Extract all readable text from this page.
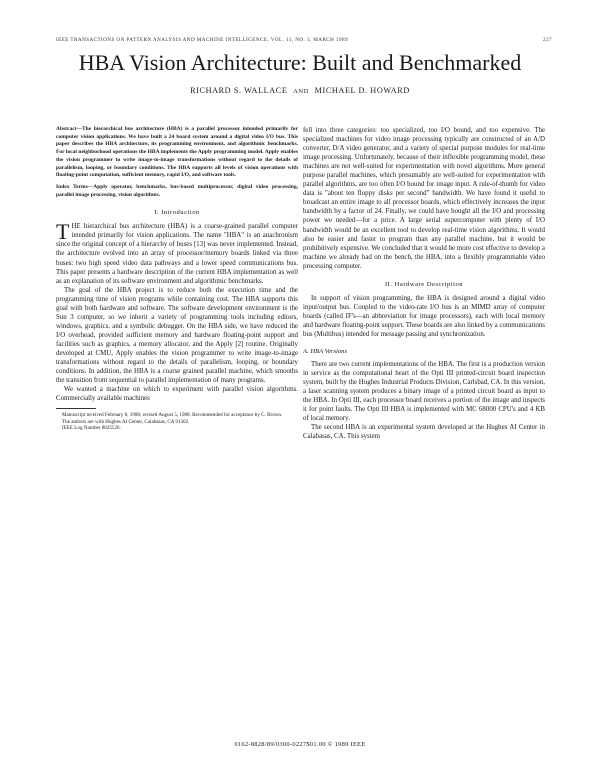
IEEE TRANSACTIONS ON PATTERN ANALYSIS AND MACHINE INTELLIGENCE, VOL. 11, NO. 3, MARCH 1989	227
HBA Vision Architecture: Built and Benchmarked
RICHARD S. WALLACE AND MICHAEL D. HOWARD

Abstract—The hierarchical bus architecture (HBA) is a parallel processor intended primarily for computer vision applications. We have built a 24 board system around a digital video I/O bus. This paper describes the HBA architecture, its programming environment, and algorithmic benchmarks. For local neighborhood operations the HBA implements the Apply programming model. Apply enables the vision programmer to write image-to-image transformations without regard to the details of parallelism, looping, or boundary conditions. The HBA supports all levels of vision operations with floating-point computation, sufficient memory, rapid I/O, and software tools.

Index Terms—Apply operator, benchmarks, bus-based multiprocessor, digital video processing, parallel image processing, vision algorithms.

I. Introduction

THE hierarchical bus architecture (HBA) is a coarse-grained parallel computer intended primarily for vision applications. The name "HBA" is an anachronism since the original concept of a hierarchy of buses [13] was never implemented. Instead, the architecture evolved into an array of processor/memory boards linked via three buses: two high speed video data pathways and a lower speed communications bus. This paper presents a hardware description of the current HBA implementation as well as an explanation of its software environment and algorithmic benchmarks.

The goal of the HBA project is to reduce both the execution time and the programming time of vision programs while containing cost. The HBA supports this goal with both hardware and software. The software development environment is the Sun 3 computer, so we inherit a variety of programming tools including editors, windows, graphics, and a symbolic debugger. On the HBA side, we have reduced the I/O overhead, provided sufficient memory and hardware floating-point support and facilities such as graphics, a memory allocator, and the Apply [2] routine. Originally developed at CMU, Apply enables the vision programmer to write image-to-image transformations without regard to the details of parallelism, looping, or boundary conditions. In addition, the HBA is a coarse grained parallel machine, which smooths the transition from sequential to parallel implementation of many programs.

We wanted a machine on which to experiment with parallel vision algorithms. Commercially available machines

Manuscript received February 8, 1988; revised August 5, 1988. Recommended for acceptance by C. Brown.

The authors are with Hughes AI Center, Calabasas, CA 91302.

IEEE Log Number 8825526.

fell into three categories: too specialized, too I/O bound, and too expensive. The specialized machines for video image processing typically are constructed of an A/D converter, D/A video generator, and a variety of special purpose modules for real-time image processing. Unfortunately, because of their inflexible programming model, these machines are not well-suited for experimentation with novel algorithms. More general purpose parallel machines, which presumably are well-suited for experimentation with parallel algorithms, are too often I/O bound for image input. A rule-of-thumb for video data is "about ten floppy disks per second" bandwidth. We have found it useful to broadcast an entire image to all processor boards, which effectively increases the input bandwidth by a factor of 24. Finally, we could have bought all the I/O and processing power we needed—for a price. A large serial supercomputer with plenty of I/O bandwidth would be an excellent tool to develop real-time vision algorithms. It would also be easier and faster to program than any parallel machine, but it would be prohibitively expensive. We concluded that it would be more cost effective to develop a machine we already had on the bench, the HBA, into a flexibly programmable video processing computer.

II. Hardware Description

In support of vision programming, the HBA is designed around a digital video input/output bus. Coupled to the video-rate I/O bus is an MIMD array of computer boards (called IF's—an abbreviation for image processors), each with local memory and hardware floating-point support. These boards are also linked by a communications bus (Multibus) intended for message passing and synchronization.

A. HBA Versions

There are two current implementations of the HBA. The first is a production version in service as the computational heart of the Opti III printed-circuit board inspection system, built by the Hughes Industrial Products Division, Carlsbad, CA. In this version, a laser scanning system produces a binary image of a printed circuit board as input to the HBA. In Opti III, each processor board receives a portion of the image and inspects it for point faults. The Opti III HBA is implemented with MC 68000 CPU's and 4 KB of local memory.

The second HBA is an experimental system developed at the Hughes AI Center in Calabasas, CA. This system

0162-8828/89/0300-0227$01.00 © 1989 IEEE
